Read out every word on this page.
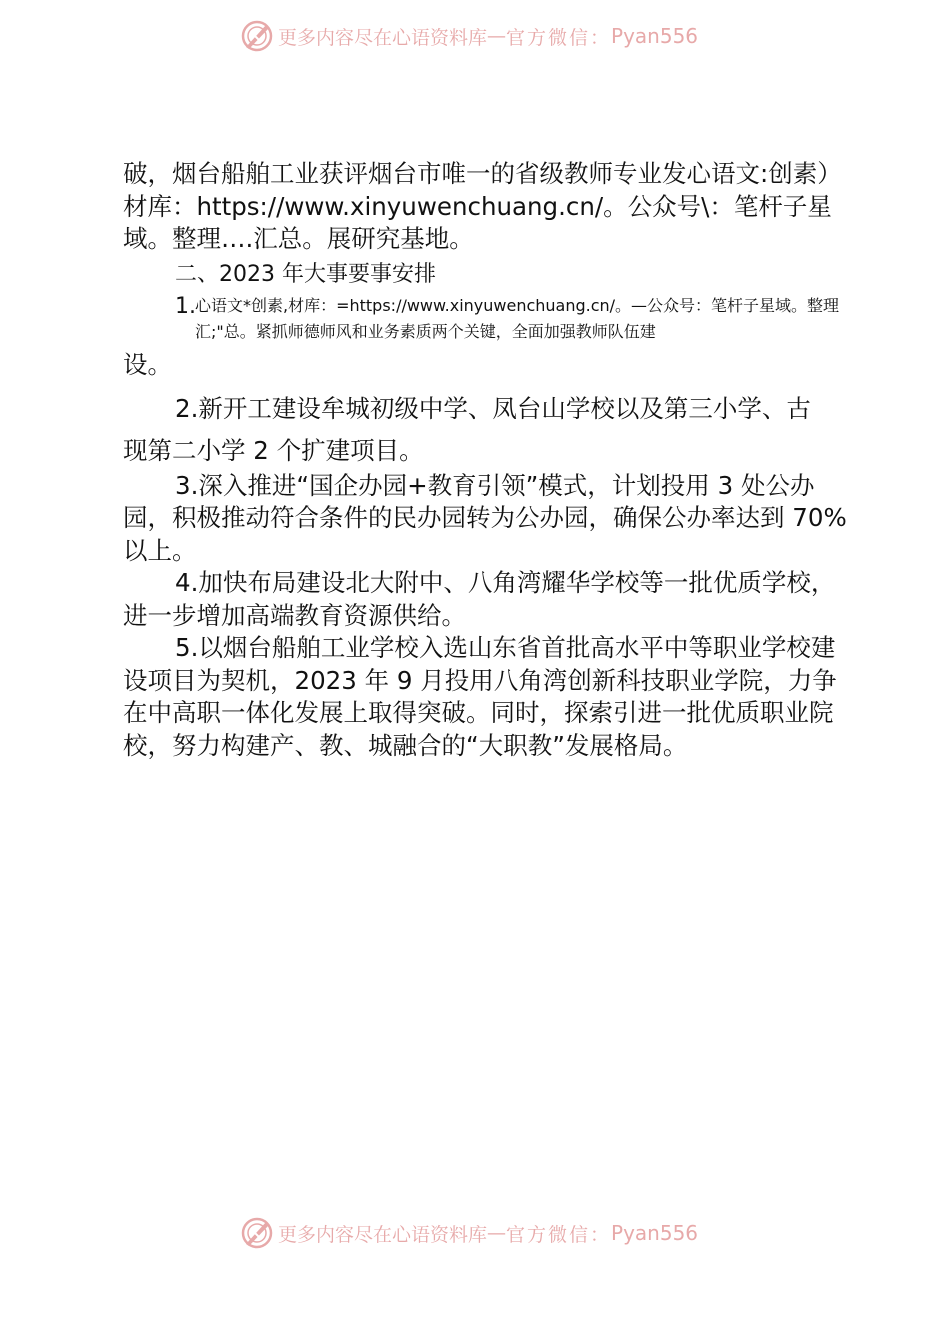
更多内容尽在心语资料库 — 官方微信： Pyan556

破，烟台船舶工业获评烟台市唯一的省级教师专业发心语文:创素）材库：https://www.xinyuwenchuang.cn/。公众号\：笔杆子星域。整理….汇总。展研究基地。

二、2023 年大事要事安排

1. 心语文*创素,材库：=https://www.xinyuwenchuang.cn/。—公众号：笔杆子星域。整理汇;"总。紧抓师德师风和业务素质两个关键，全面加强教师队伍建

设。

2.新开工建设牟城初级中学、凤台山学校以及第三小学、古

现第二小学 2 个扩建项目。

3.深入推进“国企办园+教育引领”模式，计划投用 3 处公办园，积极推动符合条件的民办园转为公办园，确保公办率达到 70%以上。

4.加快布局建设北大附中、八角湾耀华学校等一批优质学校，进一步增加高端教育资源供给。

5.以烟台船舶工业学校入选山东省首批高水平中等职业学校建设项目为契机，2023 年 9 月投用八角湾创新科技职业学院，力争在中高职一体化发展上取得突破。同时，探索引进一批优质职业院校，努力构建产、教、城融合的“大职教”发展格局。

更多内容尽在心语资料库 — 官方微信： Pyan556
